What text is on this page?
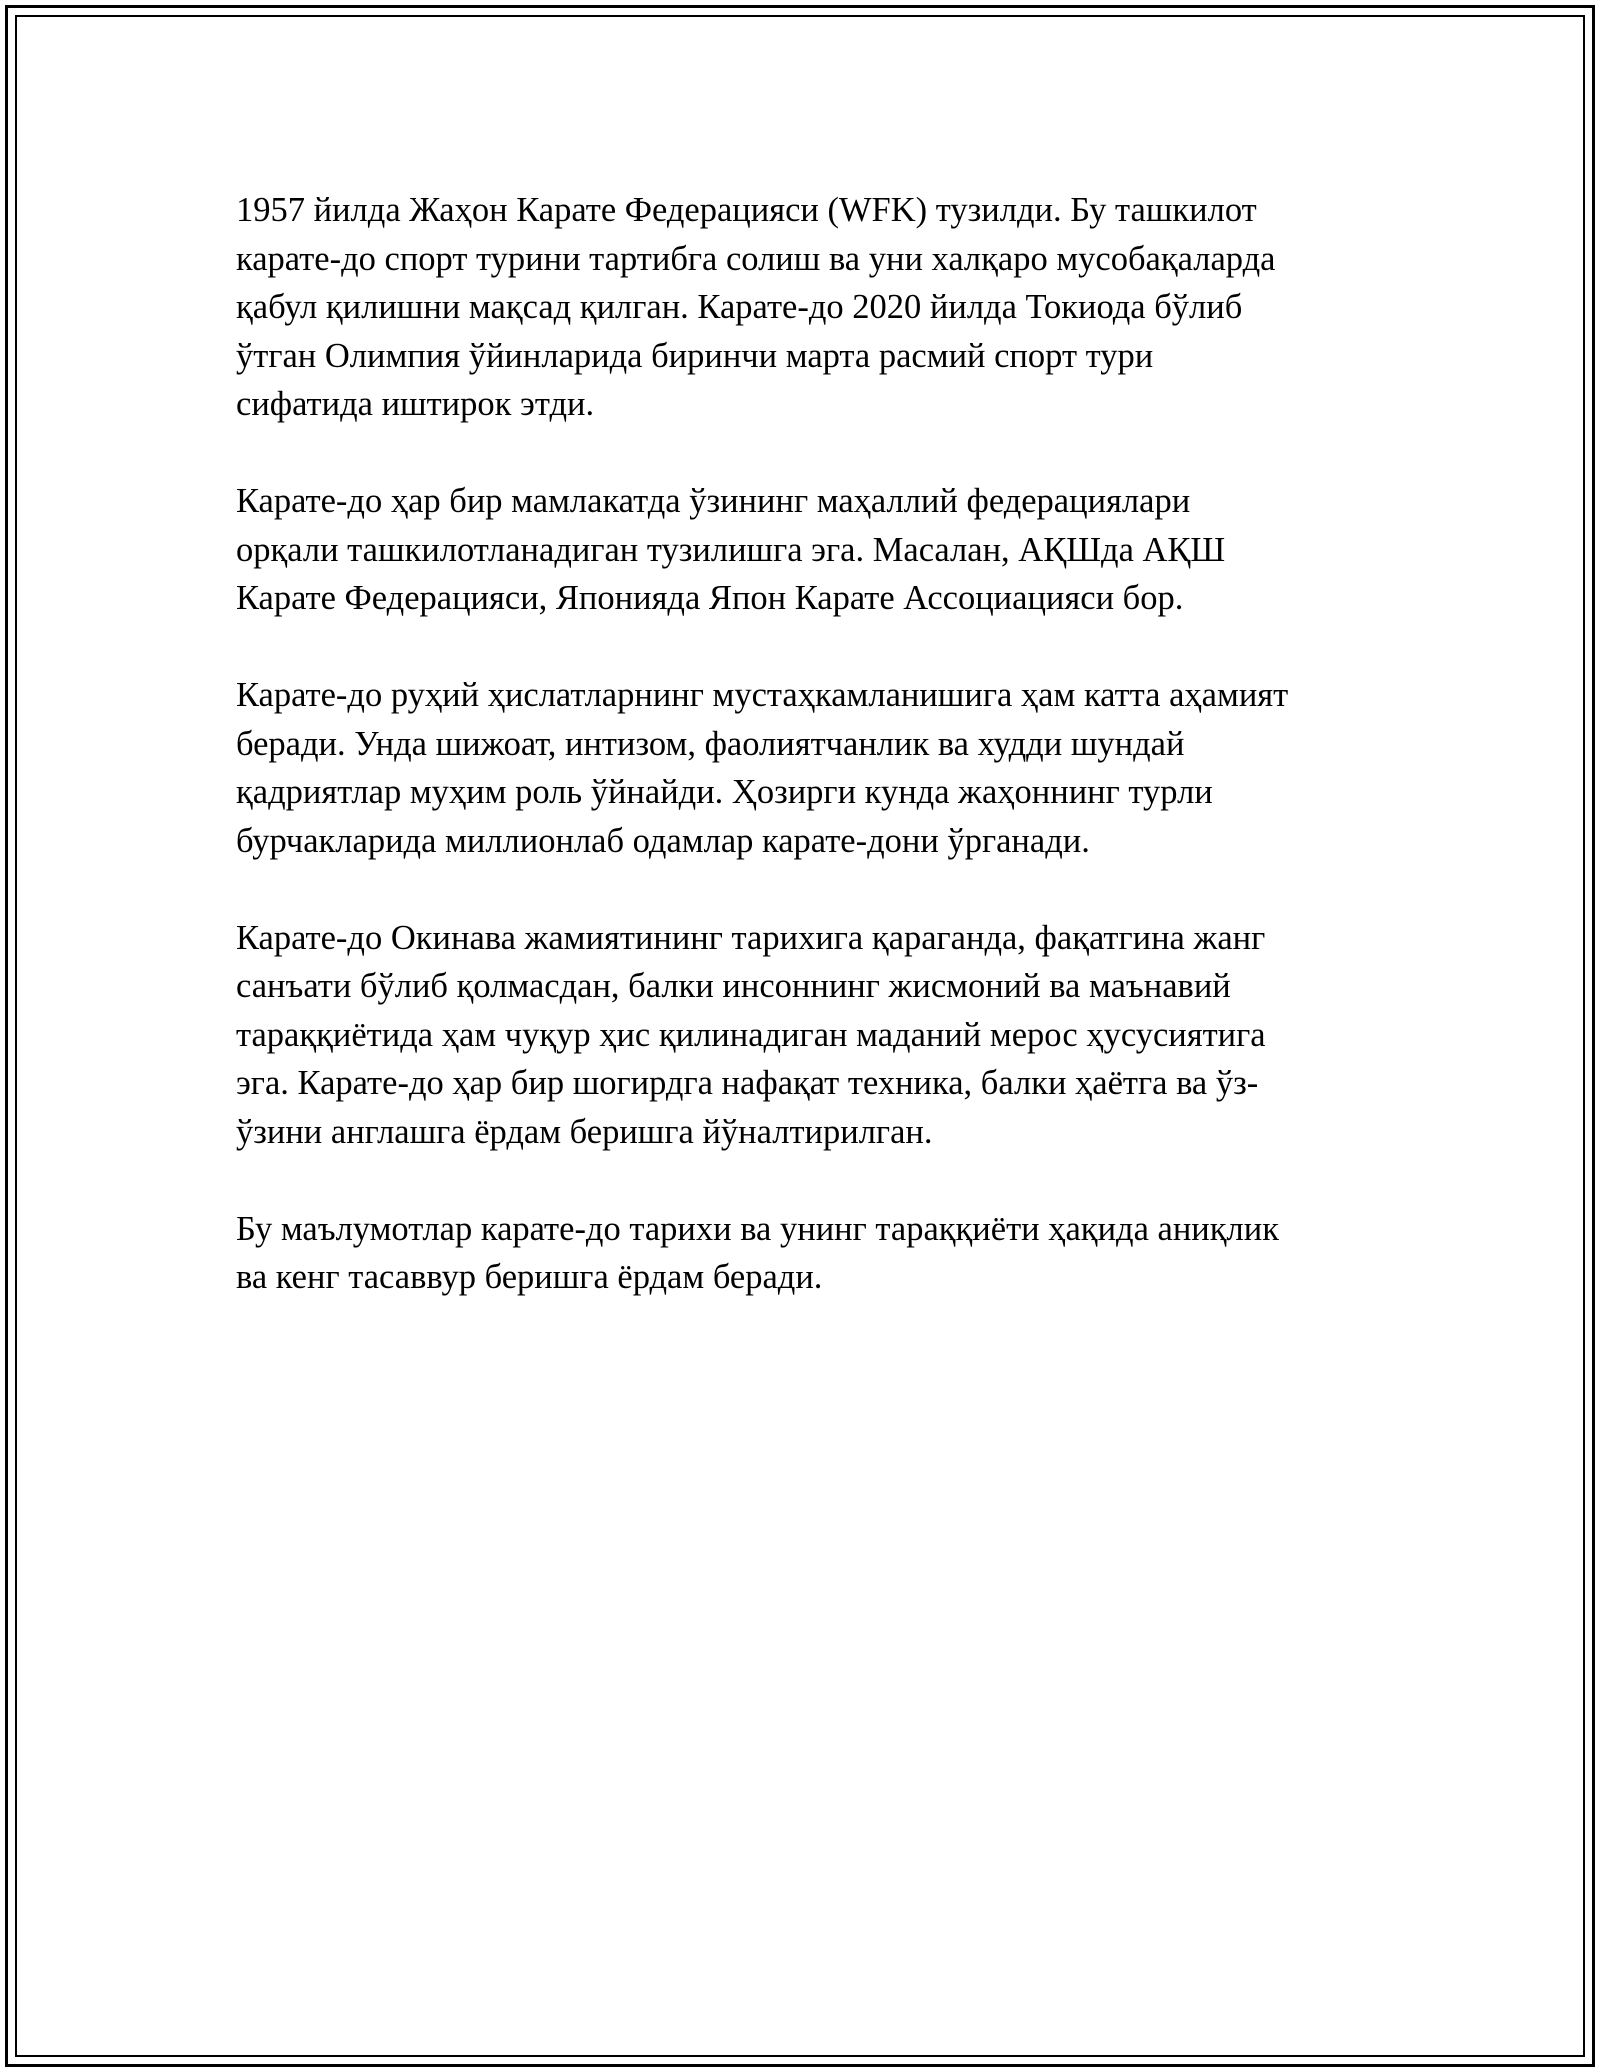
1957 йилда Жаҳон Карате Федерацияси (WFK) тузилди. Бу ташкилот
карате-до спорт турини тартибга солиш ва уни халқаро мусобақаларда
қабул қилишни мақсад қилган. Карате-до 2020 йилда Токиода бўлиб
ўтган Олимпия ўйинларида биринчи марта расмий спорт тури
сифатида иштирок этди.

Карате-до ҳар бир мамлакатда ўзининг маҳаллий федерациялари
орқали ташкилотланадиган тузилишга эга. Масалан, АҚШда АҚШ
Карате Федерацияси, Японияда Япон Карате Ассоциацияси бор.

Карате-до руҳий ҳислатларнинг мустаҳкамланишига ҳам катта аҳамият
беради. Унда шижоат, интизом, фаолиятчанлик ва худди шундай
қадриятлар муҳим роль ўйнайди. Ҳозирги кунда жаҳоннинг турли
бурчакларида миллионлаб одамлар карате-дони ўрганади.

Карате-до Окинава жамиятининг тарихига қараганда, фақатгина жанг
санъати бўлиб қолмасдан, балки инсоннинг жисмоний ва маънавий
тараққиётида ҳам чуқур ҳис қилинадиган маданий мерос ҳусусиятига
эга. Карате-до ҳар бир шогирдга нафақат техника, балки ҳаётга ва ўз-
ўзини англашга ёрдам беришга йўналтирилган.

Бу маълумотлар карате-до тарихи ва унинг тараққиёти ҳақида аниқлик
ва кенг тасаввур беришга ёрдам беради.
